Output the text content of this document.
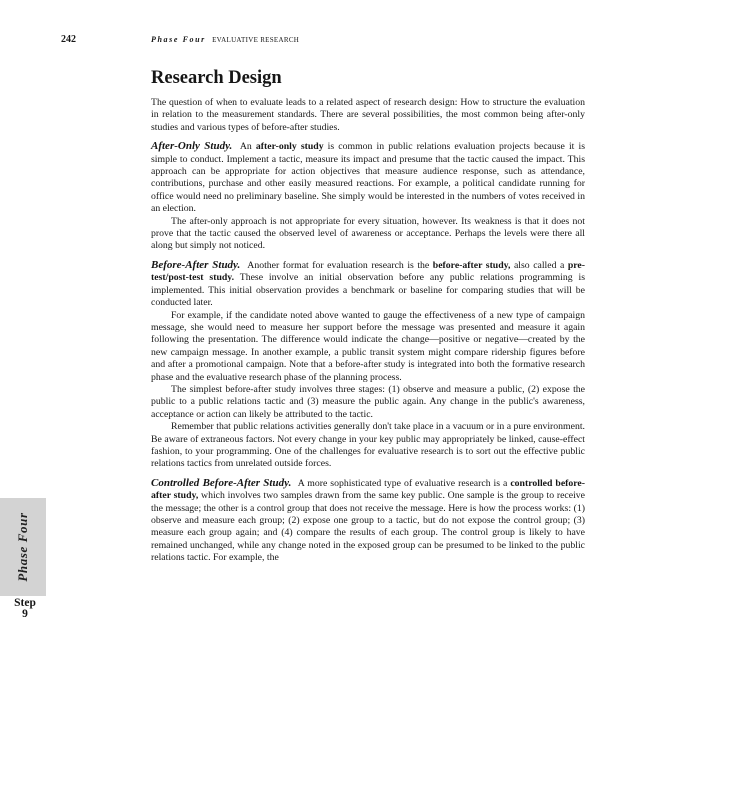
242	Phase Four EVALUATIVE RESEARCH
Phase Four
Step
9
Research Design

The question of when to evaluate leads to a related aspect of research design: How to structure the evaluation in relation to the measurement standards. There are several possibilities, the most common being after-only studies and various types of before-after studies.

After-Only Study. An after-only study is common in public relations evaluation projects because it is simple to conduct. Implement a tactic, measure its impact and presume that the tactic caused the impact. This approach can be appropriate for action objectives that measure audience response, such as attendance, contributions, purchase and other easily measured reactions. For example, a political candidate running for office would need no preliminary baseline. She simply would be interested in the numbers of votes received in an election.

The after-only approach is not appropriate for every situation, however. Its weakness is that it does not prove that the tactic caused the observed level of awareness or acceptance. Perhaps the levels were there all along but simply not noticed.

Before-After Study. Another format for evaluation research is the before-after study, also called a pre-test/post-test study. These involve an initial observation before any public relations programming is implemented. This initial observation provides a benchmark or baseline for comparing studies that will be conducted later.

For example, if the candidate noted above wanted to gauge the effectiveness of a new type of campaign message, she would need to measure her support before the message was presented and measure it again following the presentation. The difference would indicate the change—positive or negative—created by the new campaign message. In another example, a public transit system might compare ridership figures before and after a promotional campaign. Note that a before-after study is integrated into both the formative research phase and the evaluative research phase of the planning process.

The simplest before-after study involves three stages: (1) observe and measure a public, (2) expose the public to a public relations tactic and (3) measure the public again. Any change in the public's awareness, acceptance or action can likely be attributed to the tactic.

Remember that public relations activities generally don't take place in a vacuum or in a pure environment. Be aware of extraneous factors. Not every change in your key public may appropriately be linked, cause-effect fashion, to your programming. One of the challenges for evaluative research is to sort out the effective public relations tactics from unrelated outside forces.

Controlled Before-After Study. A more sophisticated type of evaluative research is a controlled before-after study, which involves two samples drawn from the same key public. One sample is the group to receive the message; the other is a control group that does not receive the message. Here is how the process works: (1) observe and measure each group; (2) expose one group to a tactic, but do not expose the control group; (3) measure each group again; and (4) compare the results of each group. The control group is likely to have remained unchanged, while any change noted in the exposed group can be presumed to be linked to the public relations tactic. For example, the
